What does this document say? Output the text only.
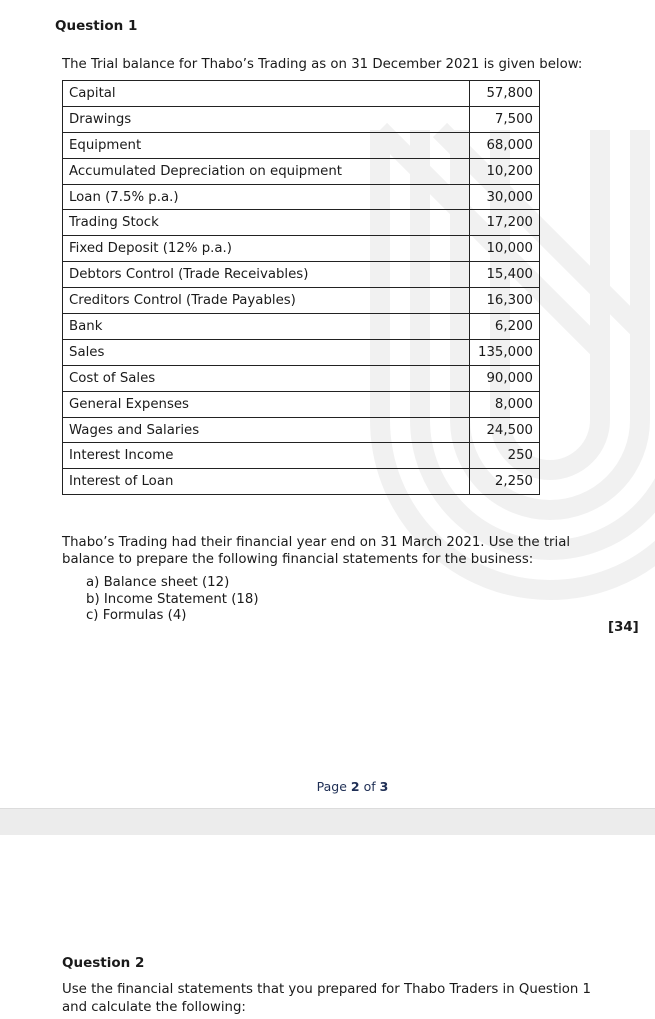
Question 1
The Trial balance for Thabo’s Trading as on 31 December 2021 is given below:
Capital	57,800
Drawings	7,500
Equipment	68,000
Accumulated Depreciation on equipment	10,200
Loan (7.5% p.a.)	30,000
Trading Stock	17,200
Fixed Deposit (12% p.a.)	10,000
Debtors Control (Trade Receivables)	15,400
Creditors Control (Trade Payables)	16,300
Bank	6,200
Sales	135,000
Cost of Sales	90,000
General Expenses	8,000
Wages and Salaries	24,500
Interest Income	250
Interest of Loan	2,250
Thabo’s Trading had their financial year end on 31 March 2021. Use the trial
balance to prepare the following financial statements for the business:
a) Balance sheet (12)
b) Income Statement (18)
c) Formulas (4)
[34]
Page 2 of 3
Question 2
Use the financial statements that you prepared for Thabo Traders in Question 1
and calculate the following:
